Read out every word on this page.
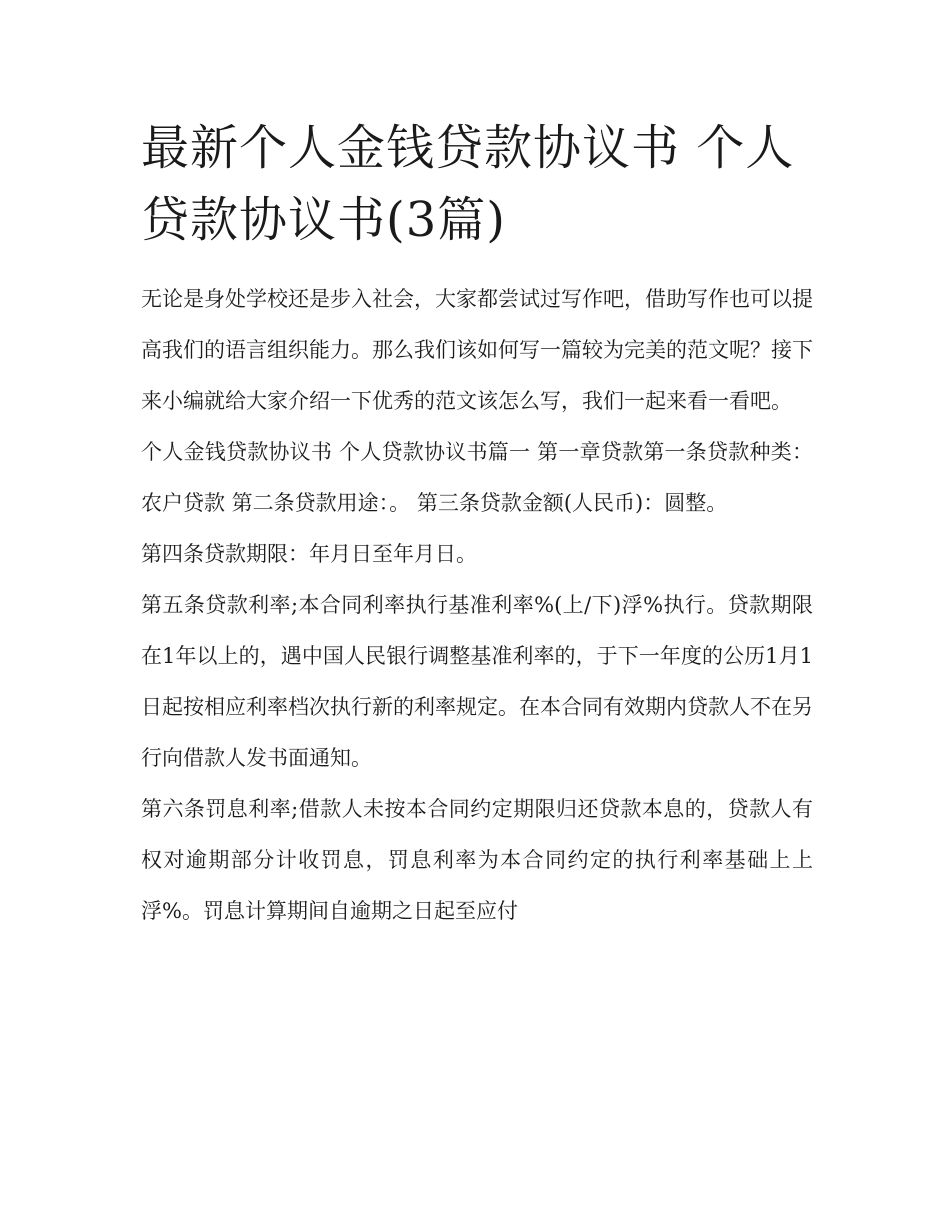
最新个人金钱贷款协议书 个人贷款协议书(3篇)

无论是身处学校还是步入社会，大家都尝试过写作吧，借助写作也可以提高我们的语言组织能力。那么我们该如何写一篇较为完美的范文呢？接下来小编就给大家介绍一下优秀的范文该怎么写，我们一起来看一看吧。

个人金钱贷款协议书 个人贷款协议书篇一 第一章贷款第一条贷款种类：农户贷款 第二条贷款用途：。 第三条贷款金额(人民币)：圆整。

第四条贷款期限：年月日至年月日。

第五条贷款利率;本合同利率执行基准利率%(上/下)浮%执行。贷款期限在1年以上的，遇中国人民银行调整基准利率的，于下一年度的公历1月1日起按相应利率档次执行新的利率规定。在本合同有效期内贷款人不在另行向借款人发书面通知。

第六条罚息利率;借款人未按本合同约定期限归还贷款本息的，贷款人有权对逾期部分计收罚息，罚息利率为本合同约定的执行利率基础上上浮%。罚息计算期间自逾期之日起至应付
